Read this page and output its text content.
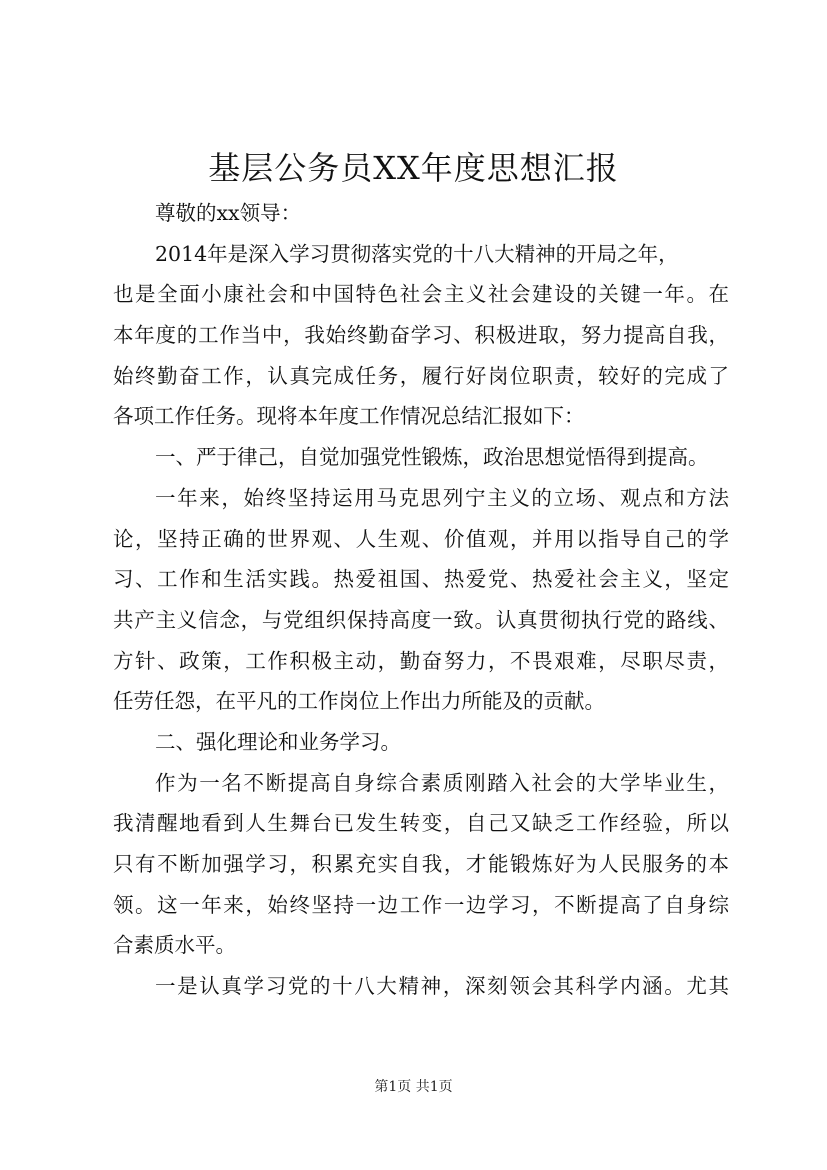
基层公务员XX年度思想汇报
尊敬的xx领导：
2014年是深入学习贯彻落实党的十八大精神的开局之年，
也是全面小康社会和中国特色社会主义社会建设的关键一年。在
本年度的工作当中，我始终勤奋学习、积极进取，努力提高自我，
始终勤奋工作，认真完成任务，履行好岗位职责，较好的完成了
各项工作任务。现将本年度工作情况总结汇报如下：
一、严于律己，自觉加强党性锻炼，政治思想觉悟得到提高。
一年来，始终坚持运用马克思列宁主义的立场、观点和方法
论，坚持正确的世界观、人生观、价值观，并用以指导自己的学
习、工作和生活实践。热爱祖国、热爱党、热爱社会主义，坚定
共产主义信念，与党组织保持高度一致。认真贯彻执行党的路线、
方针、政策，工作积极主动，勤奋努力，不畏艰难，尽职尽责，
任劳任怨，在平凡的工作岗位上作出力所能及的贡献。
二、强化理论和业务学习。
作为一名不断提高自身综合素质刚踏入社会的大学毕业生，
我清醒地看到人生舞台已发生转变，自己又缺乏工作经验，所以
只有不断加强学习，积累充实自我，才能锻炼好为人民服务的本
领。这一年来，始终坚持一边工作一边学习，不断提高了自身综
合素质水平。
一是认真学习党的十八大精神，深刻领会其科学内涵。尤其
第1页 共1页
